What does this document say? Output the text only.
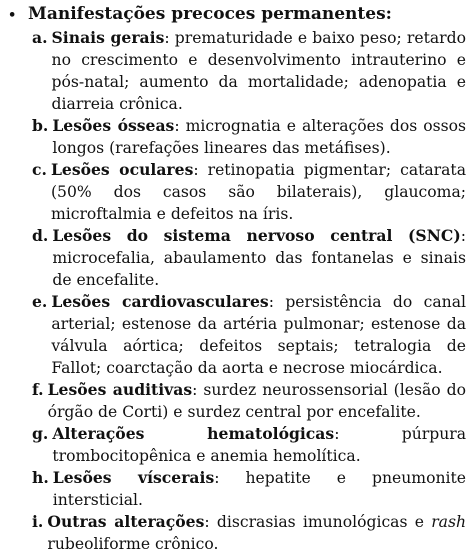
• Manifestações precoces permanentes:
a. Sinais gerais: prematuridade e baixo peso; retardo no crescimento e desenvolvimento intrauterino e pós-natal; aumento da mortalidade; adenopatia e diarreia crônica.
b. Lesões ósseas: micrognatia e alterações dos ossos longos (rarefações lineares das metáfises).
c. Lesões oculares: retinopatia pigmentar; catarata (50% dos casos são bilaterais), glaucoma; microftalmia e defeitos na íris.
d. Lesões do sistema nervoso central (SNC): microcefalia, abaulamento das fontanelas e sinais de encefalite.
e. Lesões cardiovasculares: persistência do canal arterial; estenose da artéria pulmonar; estenose da válvula aórtica; defeitos septais; tetralogia de Fallot; coarctação da aorta e necrose miocárdica.
f. Lesões auditivas: surdez neurossensorial (lesão do órgão de Corti) e surdez central por encefalite.
g. Alterações hematológicas: púrpura trombocitopênica e anemia hemolítica.
h. Lesões víscerais: hepatite e pneumonite intersticial.
i. Outras alterações: discrasias imunológicas e rash rubeoliforme crônico.
